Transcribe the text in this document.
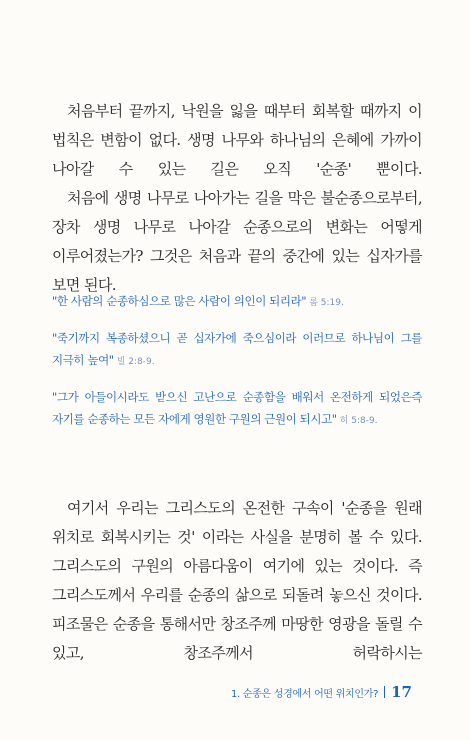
처음부터 끝까지, 낙원을 잃을 때부터 회복할 때까지 이 법칙은 변함이 없다. 생명 나무와 하나님의 은혜에 가까이 나아갈 수 있는 길은 오직 '순종' 뿐이다.

처음에 생명 나무로 나아가는 길을 막은 불순종으로부터, 장차 생명 나무로 나아갈 순종으로의 변화는 어떻게 이루어졌는가? 그것은 처음과 끝의 중간에 있는 십자가를 보면 된다.

"한 사람의 순종하심으로 많은 사람이 의인이 되리라" 롬 5:19.

"죽기까지 복종하셨으니 곧 십자가에 죽으심이라 이러므로 하나님이 그를 지극히 높여" 빌 2:8-9.

"그가 아들이시라도 받으신 고난으로 순종함을 배워서 온전하게 되었은즉 자기를 순종하는 모든 자에게 영원한 구원의 근원이 되시고" 히 5:8-9.

여기서 우리는 그리스도의 온전한 구속이 '순종을 원래 위치로 회복시키는 것' 이라는 사실을 분명히 볼 수 있다. 그리스도의 구원의 아름다움이 여기에 있는 것이다. 즉 그리스도께서 우리를 순종의 삶으로 되돌려 놓으신 것이다. 피조물은 순종을 통해서만 창조주께 마땅한 영광을 돌릴 수 있고, 창조주께서 허락하시는

1. 순종은 성경에서 어떤 위치인가? 17
